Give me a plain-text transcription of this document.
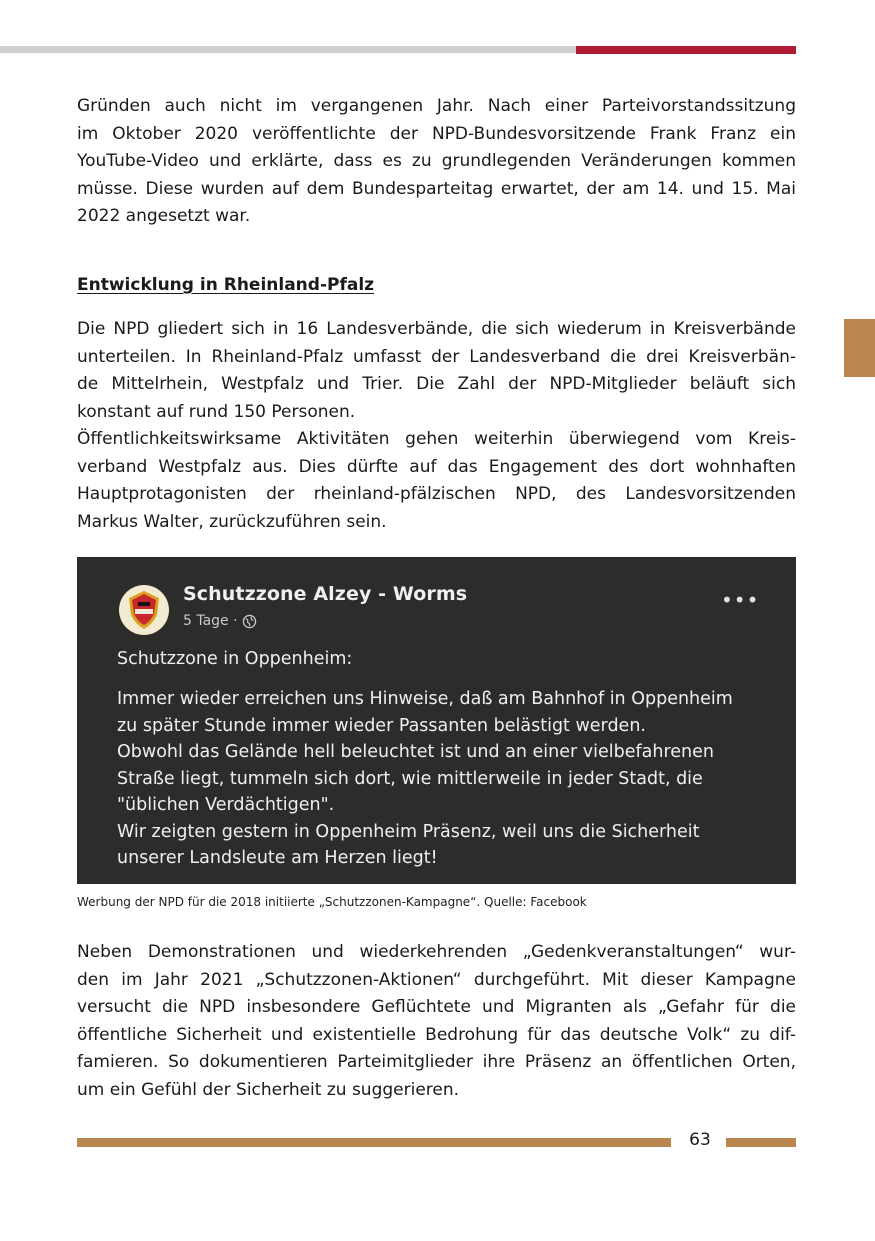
Gründen auch nicht im vergangenen Jahr. Nach einer Parteivorstandssitzung
im Oktober 2020 veröffentlichte der NPD-Bundesvorsitzende Frank Franz ein
YouTube-Video und erklärte, dass es zu grundlegenden Veränderungen kommen
müsse. Diese wurden auf dem Bundesparteitag erwartet, der am 14. und 15. Mai
2022 angesetzt war.
Entwicklung in Rheinland-Pfalz
Die NPD gliedert sich in 16 Landesverbände, die sich wiederum in Kreisverbände
unterteilen. In Rheinland-Pfalz umfasst der Landesverband die drei Kreisverbän-
de Mittelrhein, Westpfalz und Trier. Die Zahl der NPD-Mitglieder beläuft sich
konstant auf rund 150 Personen.
Öffentlichkeitswirksame Aktivitäten gehen weiterhin überwiegend vom Kreis-
verband Westpfalz aus. Dies dürfte auf das Engagement des dort wohnhaften
Hauptprotagonisten der rheinland-pfälzischen NPD, des Landesvorsitzenden
Markus Walter, zurückzuführen sein.
Schutzzone Alzey - Worms
5 Tage ·
•••
Schutzzone in Oppenheim:
Immer wieder erreichen uns Hinweise, daß am Bahnhof in Oppenheim
zu später Stunde immer wieder Passanten belästigt werden.
Obwohl das Gelände hell beleuchtet ist und an einer vielbefahrenen
Straße liegt, tummeln sich dort, wie mittlerweile in jeder Stadt, die
"üblichen Verdächtigen".
Wir zeigten gestern in Oppenheim Präsenz, weil uns die Sicherheit
unserer Landsleute am Herzen liegt!

Werbung der NPD für die 2018 initiierte „Schutzzonen-Kampagne“. Quelle: Facebook

Neben Demonstrationen und wiederkehrenden „Gedenkveranstaltungen“ wur-
den im Jahr 2021 „Schutzzonen-Aktionen“ durchgeführt. Mit dieser Kampagne
versucht die NPD insbesondere Geflüchtete und Migranten als „Gefahr für die
öffentliche Sicherheit und existentielle Bedrohung für das deutsche Volk“ zu dif-
famieren. So dokumentieren Parteimitglieder ihre Präsenz an öffentlichen Orten,
um ein Gefühl der Sicherheit zu suggerieren.
63
